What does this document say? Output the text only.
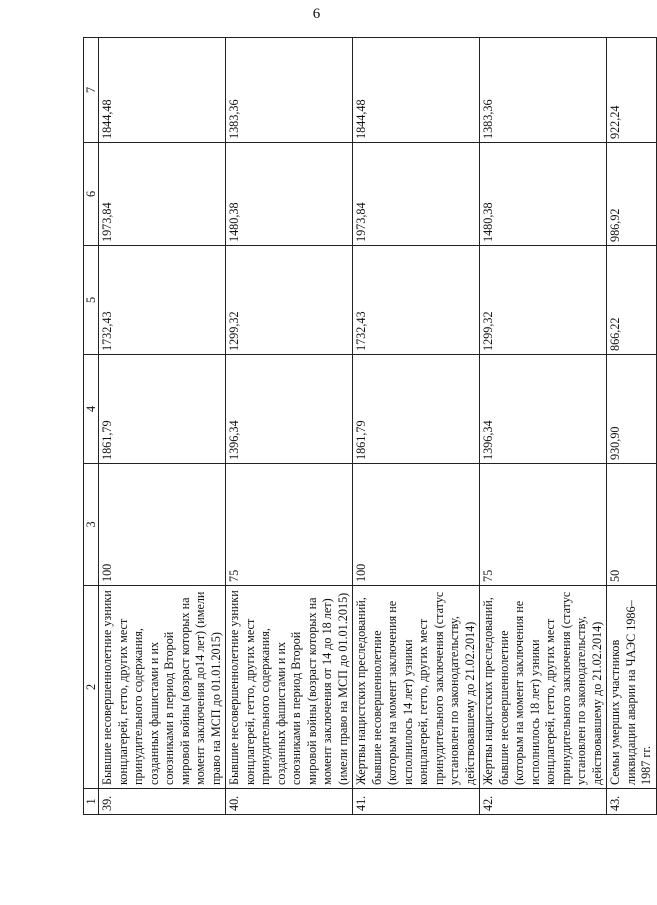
6
1	2	3	4	5	6	7
39.	Бывшие несовершеннолетние узники концлагерей, гетто, других мест принудительного содержания, созданных фашистами и их союзниками в период Второй мировой войны (возраст которых на момент заключения до14 лет) (имели право на МСП до 01.01.2015)	100	1861,79	1732,43	1973,84	1844,48
40.	Бывшие несовершеннолетние узники концлагерей, гетто, других мест принудительного содержания, созданных фашистами и их союзниками в период Второй мировой войны (возраст которых на момент заключения от 14 до 18 лет) (имели право на МСП до 01.01.2015)	75	1396,34	1299,32	1480,38	1383,36
41.	Жертвы нацистских преследований, бывшие несовершеннолетние (которым на момент заключения не исполнилось 14 лет) узники концлагерей, гетто, других мест принудительного заключения (статус установлен по законодательству, действовавшему до 21.02.2014)	100	1861,79	1732,43	1973,84	1844,48
42.	Жертвы нацистских преследований, бывшие несовершеннолетние (которым на момент заключения не исполнилось 18 лет) узники концлагерей, гетто, других мест принудительного заключения (статус установлен по законодательству, действовавшему до 21.02.2014)	75	1396,34	1299,32	1480,38	1383,36
43.	Семьи умерших участников ликвидации аварии на ЧАЭС 1986–1987 гг.	50	930,90	866,22	986,92	922,24
